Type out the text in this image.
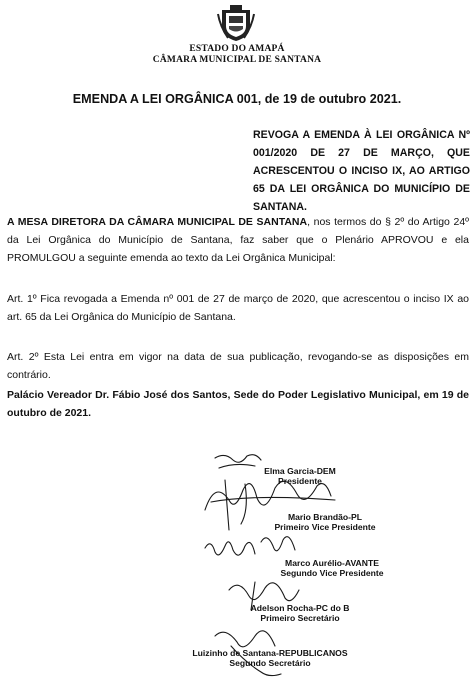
ESTADO DO AMAPÁ
CÂMARA MUNICIPAL DE SANTANA
EMENDA A LEI ORGÂNICA 001, de 19 de outubro 2021.
REVOGA A EMENDA À LEI ORGÂNICA Nº 001/2020 DE 27 DE MARÇO, QUE ACRESCENTOU O INCISO IX, AO ARTIGO 65 DA LEI ORGÂNICA DO MUNICÍPIO DE SANTANA.
A MESA DIRETORA DA CÂMARA MUNICIPAL DE SANTANA, nos termos do § 2º do Artigo 24º da Lei Orgânica do Município de Santana, faz saber que o Plenário APROVOU e ela PROMULGOU a seguinte emenda ao texto da Lei Orgânica Municipal:
Art. 1º Fica revogada a Emenda nº 001 de 27 de março de 2020, que acrescentou o inciso IX ao art. 65 da Lei Orgânica do Município de Santana.
Art. 2º Esta Lei entra em vigor na data de sua publicação, revogando-se as disposições em contrário.
Palácio Vereador Dr. Fábio José dos Santos, Sede do Poder Legislativo Municipal, em 19 de outubro de 2021.
Elma Garcia-DEM
Presidente
Mario Brandão-PL
Primeiro Vice Presidente
Marco Aurélio-AVANTE
Segundo Vice Presidente
Adelson Rocha-PC do B
Primeiro Secretário
Luizinho de Santana-REPUBLICANOS
Segundo Secretário
